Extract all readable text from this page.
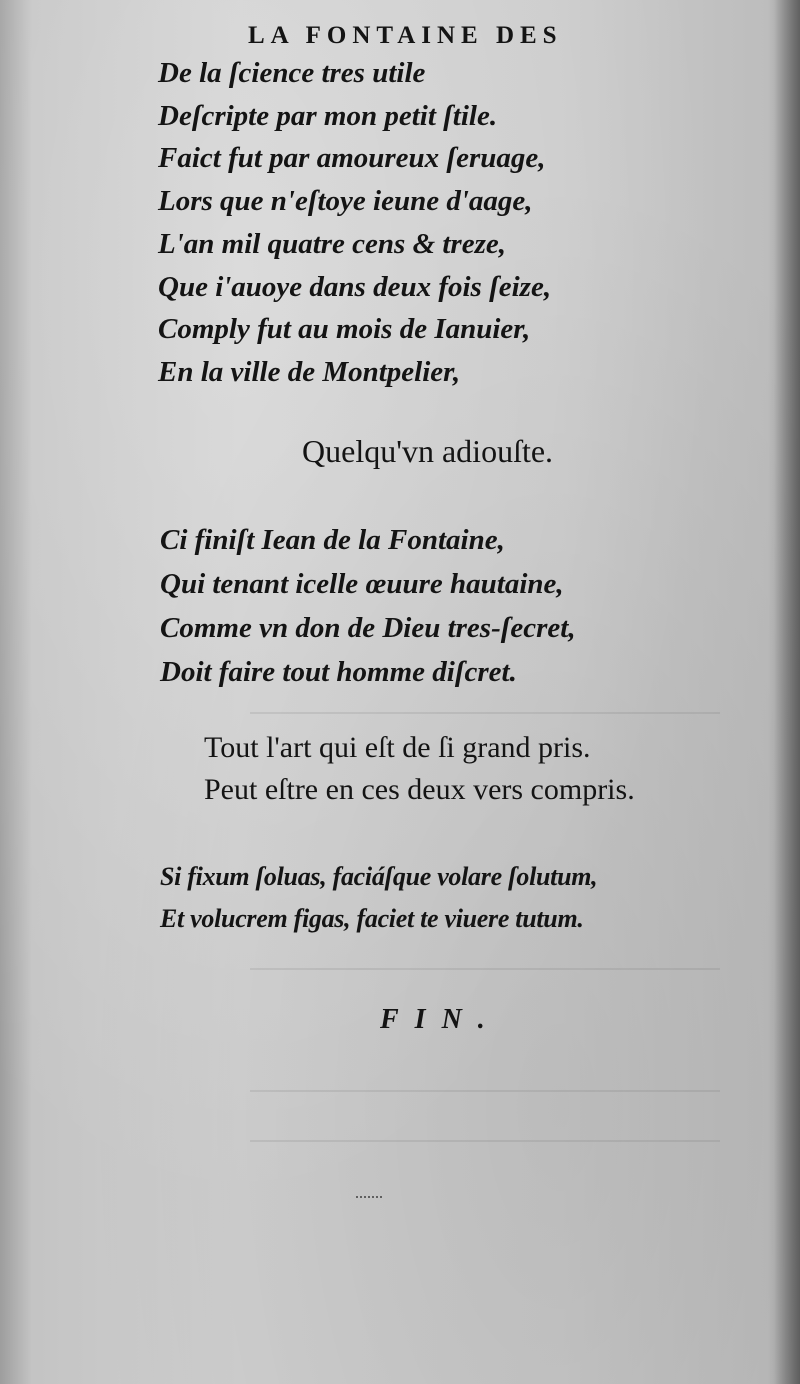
LA FONTAINE DES
De la ſcience tres utile
Deſcripte par mon petit ſtile.
Faict fut par amoureux ſeruage,
Lors que n'eſtoye ieune d'aage,
L'an mil quatre cens & treze,
Que i'auoye dans deux fois ſeize,
Comply fut au mois de Ianuier,
En la ville de Montpelier,
Quelqu'vn adiouſte.
Ci finiſt Iean de la Fontaine,
Qui tenant icelle œuure hautaine,
Comme vn don de Dieu tres-ſecret,
Doit faire tout homme diſcret.
Tout l'art qui eſt de ſi grand pris.
Peut eſtre en ces deux vers compris.
Si fixum ſoluas, faciáſque volare ſolutum,
Et volucrem figas, faciet te viuere tutum.
FIN.
